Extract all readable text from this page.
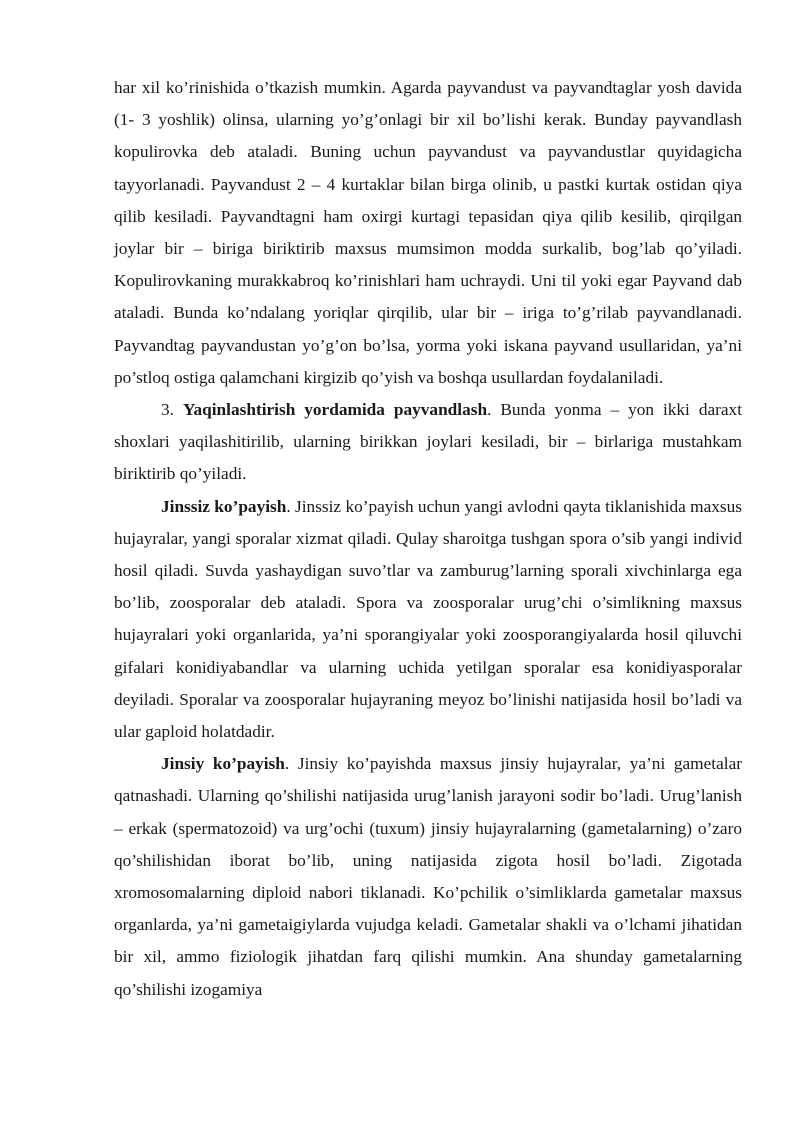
har xil ko’rinishida o’tkazish mumkin. Agarda payvandust va payvandtaglar yosh davida (1- 3 yoshlik) olinsa, ularning yo’g’onlagi bir xil bo’lishi kerak. Bunday payvandlash kopulirovka deb ataladi. Buning uchun payvandust va payvandustlar quyidagicha tayyorlanadi. Payvandust 2 – 4 kurtaklar bilan birga olinib, u pastki kurtak ostidan qiya qilib kesiladi. Payvandtagni ham oxirgi kurtagi tepasidan qiya qilib kesilib, qirqilgan joylar bir – biriga biriktirib maxsus mumsimon modda surkalib, bog’lab qo’yiladi. Kopulirovkaning murakkabroq ko’rinishlari ham uchraydi. Uni til yoki egar Payvand dab ataladi. Bunda ko’ndalang yoriqlar qirqilib, ular bir – iriga to’g’rilab payvandlanadi. Payvandtag payvandustan yo’g’on bo’lsa, yorma yoki iskana payvand usullaridan, ya’ni po’stloq ostiga qalamchani kirgizib qo’yish va boshqa usullardan foydalaniladi.

3. Yaqinlashtirish yordamida payvandlash. Bunda yonma – yon ikki daraxt shoxlari yaqilashitirilib, ularning birikkan joylari kesiladi, bir – birlariga mustahkam biriktirib qo’yiladi.

Jinssiz ko’payish. Jinssiz ko’payish uchun yangi avlodni qayta tiklanishida maxsus hujayralar, yangi sporalar xizmat qiladi. Qulay sharoitga tushgan spora o’sib yangi individ hosil qiladi. Suvda yashaydigan suvo’tlar va zamburug’larning sporali xivchinlarga ega bo’lib, zoosporalar deb ataladi. Spora va zoosporalar urug’chi o’simlikning maxsus hujayralari yoki organlarida, ya’ni sporangiyalar yoki zoosporangiyalarda hosil qiluvchi gifalari konidiyabandlar va ularning uchida yetilgan sporalar esa konidiyasporalar deyiladi. Sporalar va zoosporalar hujayraning meyoz bo’linishi natijasida hosil bo’ladi va ular gaploid holatdadir.

Jinsiy ko’payish. Jinsiy ko’payishda maxsus jinsiy hujayralar, ya’ni gametalar qatnashadi. Ularning qo’shilishi natijasida urug’lanish jarayoni sodir bo’ladi. Urug’lanish – erkak (spermatozoid) va urg’ochi (tuxum) jinsiy hujayralarning (gametalarning) o’zaro qo’shilishidan iborat bo’lib, uning natijasida zigota hosil bo’ladi. Zigotada xromosomalarning diploid nabori tiklanadi. Ko’pchilik o’simliklarda gametalar maxsus organlarda, ya’ni gametaigiylarda vujudga keladi. Gametalar shakli va o’lchami jihatidan bir xil, ammo fiziologik jihatdan farq qilishi mumkin. Ana shunday gametalarning qo’shilishi izogamiya
